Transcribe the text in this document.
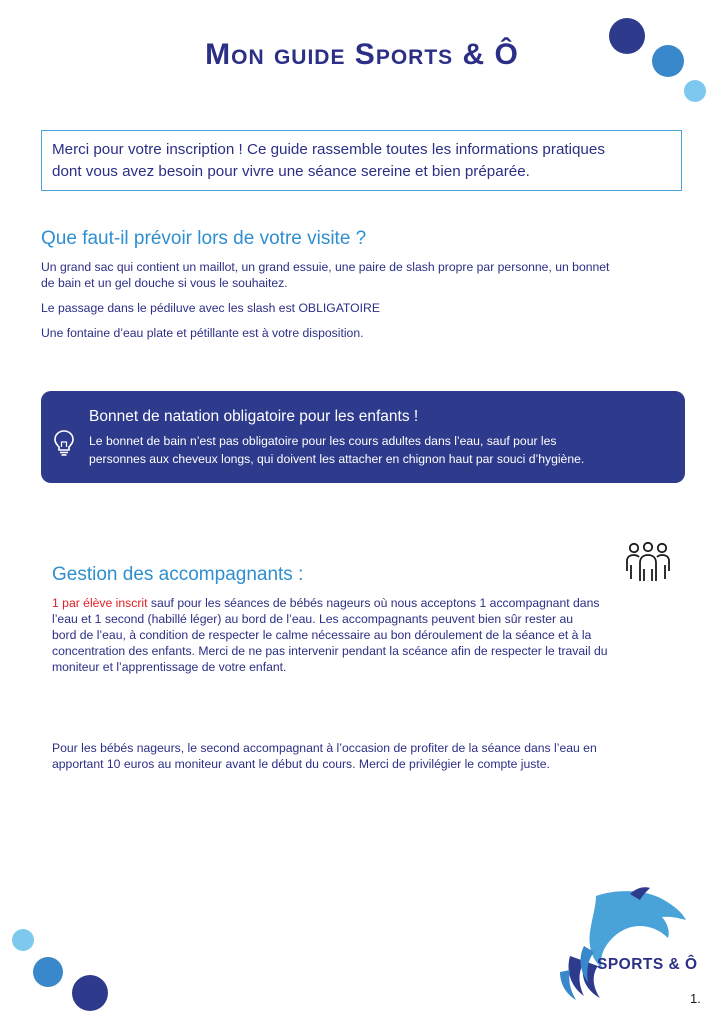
Mon guide Sports & Ô
Merci pour votre inscription ! Ce guide rassemble toutes les informations pratiques
dont vous avez besoin pour vivre une séance sereine et bien préparée.
Que faut-il prévoir lors de votre visite ?

Un grand sac qui contient un maillot, un grand essuie, une paire de slash propre par personne, un bonnet
de bain et un gel douche si vous le souhaitez.

Le passage dans le pédiluve avec les slash est OBLIGATOIRE

Une fontaine d’eau plate et pétillante est à votre disposition.

Bonnet de natation obligatoire pour les enfants !
Le bonnet de bain n’est pas obligatoire pour les cours adultes dans l’eau, sauf pour les
personnes aux cheveux longs, qui doivent les attacher en chignon haut par souci d’hygiène.
Gestion des accompagnants :

1 par élève inscrit sauf pour les séances de bébés nageurs où nous acceptons 1 accompagnant dans
l’eau et 1 second (habillé léger) au bord de l’eau. Les accompagnants peuvent bien sûr rester au
bord de l’eau, à condition de respecter le calme nécessaire au bon déroulement de la séance et à la
concentration des enfants. Merci de ne pas intervenir pendant la scéance afin de respecter le travail du
moniteur et l’apprentissage de votre enfant.

Pour les bébés nageurs, le second accompagnant à l’occasion de profiter de la séance dans l’eau en
apportant 10 euros au moniteur avant le début du cours. Merci de privilégier le compte juste.

SPORTS & Ô
1.
